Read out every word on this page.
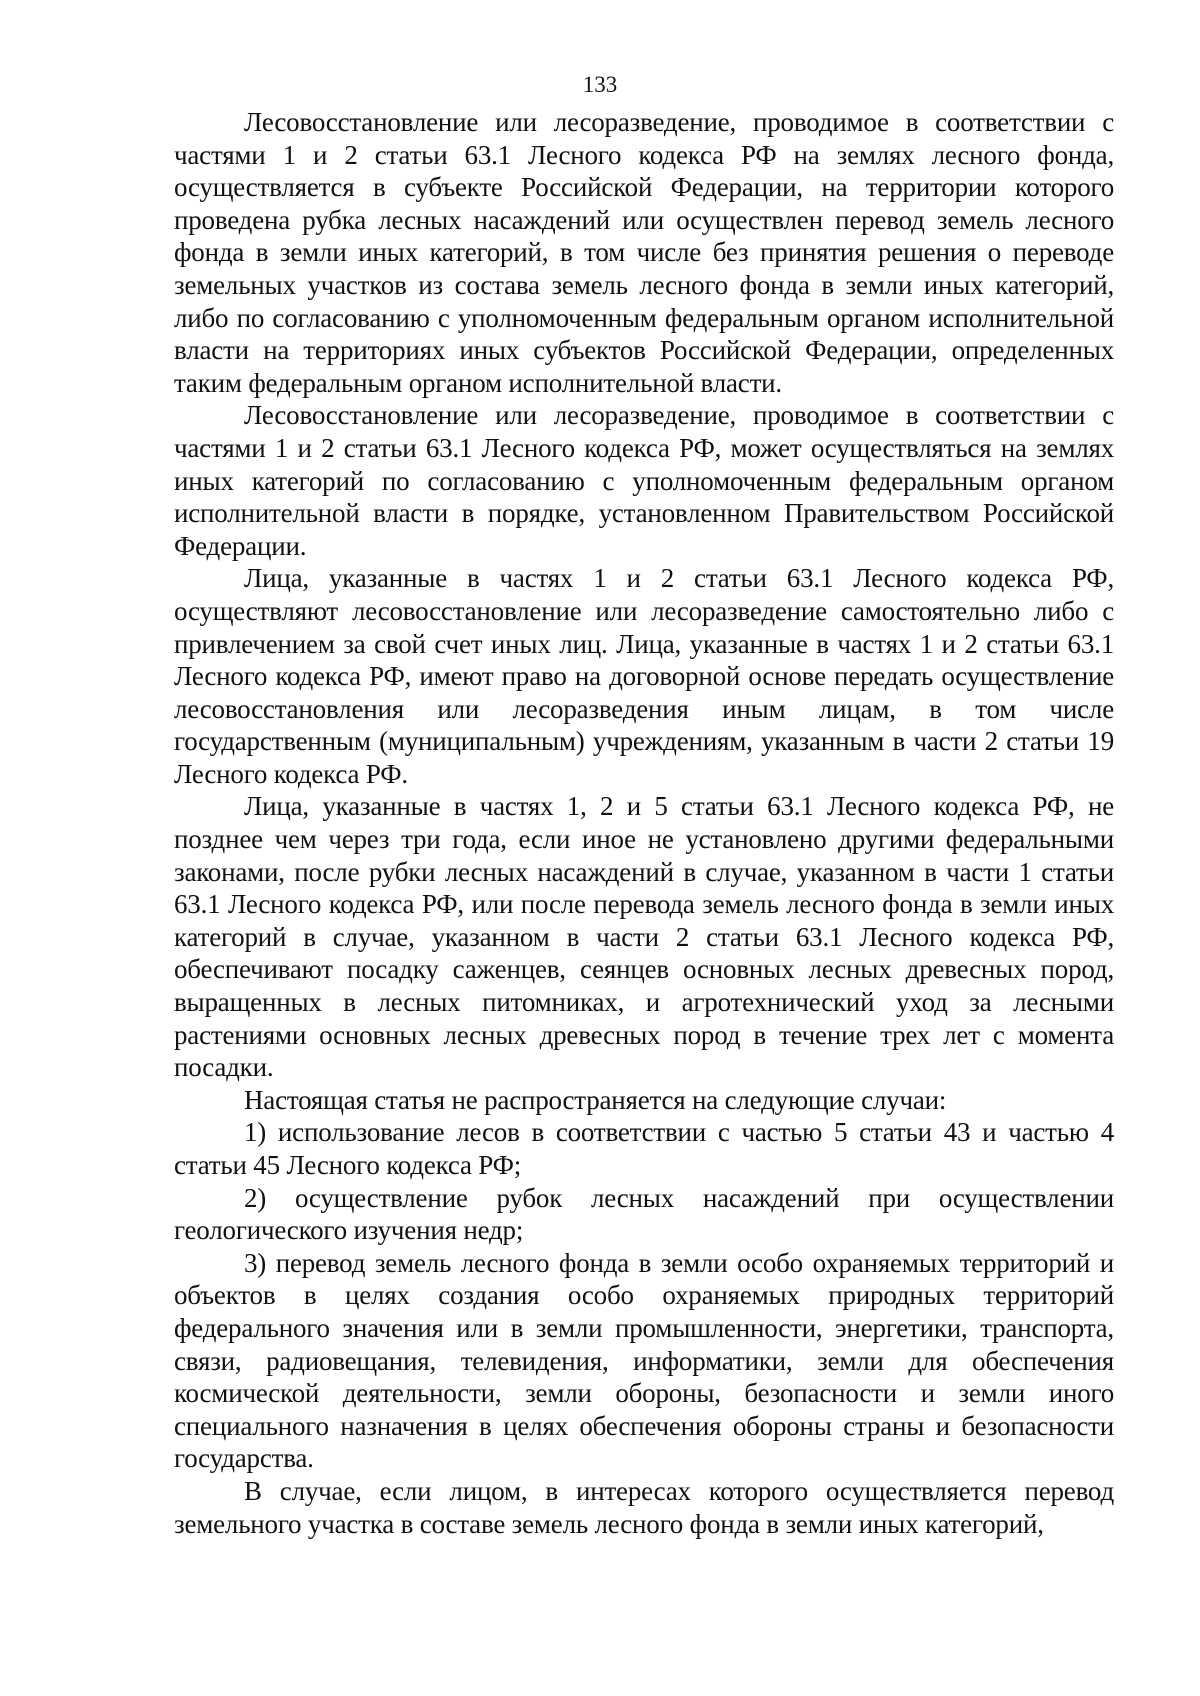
133

Лесовосстановление или лесоразведение, проводимое в соответствии с частями 1 и 2 статьи 63.1 Лесного кодекса РФ на землях лесного фонда, осуществляется в субъекте Российской Федерации, на территории которого проведена рубка лесных насаждений или осуществлен перевод земель лесного фонда в земли иных категорий, в том числе без принятия решения о переводе земельных участков из состава земель лесного фонда в земли иных категорий, либо по согласованию с уполномоченным федеральным органом исполнительной власти на территориях иных субъектов Российской Федерации, определенных таким федеральным органом исполнительной власти.

Лесовосстановление или лесоразведение, проводимое в соответствии с частями 1 и 2 статьи 63.1 Лесного кодекса РФ, может осуществляться на землях иных категорий по согласованию с уполномоченным федеральным органом исполнительной власти в порядке, установленном Правительством Российской Федерации.

Лица, указанные в частях 1 и 2 статьи 63.1 Лесного кодекса РФ, осуществляют лесовосстановление или лесоразведение самостоятельно либо с привлечением за свой счет иных лиц. Лица, указанные в частях 1 и 2 статьи 63.1 Лесного кодекса РФ, имеют право на договорной основе передать осуществление лесовосстановления или лесоразведения иным лицам, в том числе государственным (муниципальным) учреждениям, указанным в части 2 статьи 19 Лесного кодекса РФ.

Лица, указанные в частях 1, 2 и 5 статьи 63.1 Лесного кодекса РФ, не позднее чем через три года, если иное не установлено другими федеральными законами, после рубки лесных насаждений в случае, указанном в части 1 статьи 63.1 Лесного кодекса РФ, или после перевода земель лесного фонда в земли иных категорий в случае, указанном в части 2 статьи 63.1 Лесного кодекса РФ, обеспечивают посадку саженцев, сеянцев основных лесных древесных пород, выращенных в лесных питомниках, и агротехнический уход за лесными растениями основных лесных древесных пород в течение трех лет с момента посадки.

Настоящая статья не распространяется на следующие случаи:

1) использование лесов в соответствии с частью 5 статьи 43 и частью 4 статьи 45 Лесного кодекса РФ;

2) осуществление рубок лесных насаждений при осуществлении геологического изучения недр;

3) перевод земель лесного фонда в земли особо охраняемых территорий и объектов в целях создания особо охраняемых природных территорий федерального значения или в земли промышленности, энергетики, транспорта, связи, радиовещания, телевидения, информатики, земли для обеспечения космической деятельности, земли обороны, безопасности и земли иного специального назначения в целях обеспечения обороны страны и безопасности государства.

В случае, если лицом, в интересах которого осуществляется перевод земельного участка в составе земель лесного фонда в земли иных категорий,
